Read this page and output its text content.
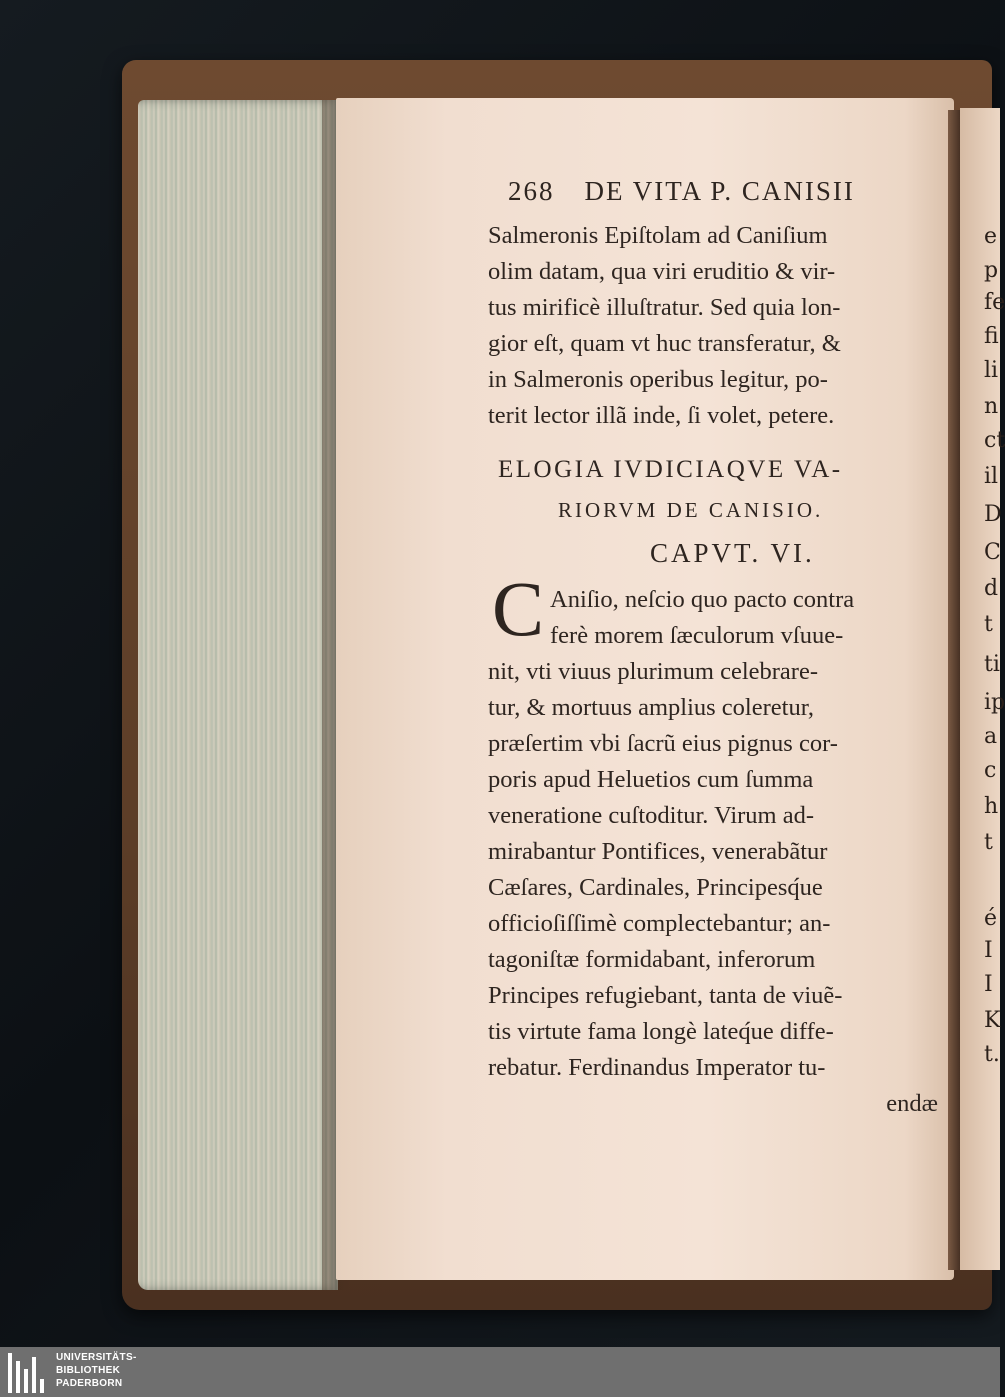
e
p
fe
fi
li
n
ct
il
D
C
d
t
ti
ip
a
c
h
t
é
I
I
K
t.
268 DE VITA P. CANISII
Salmeronis Epiſtolam ad Caniſium
olim datam, qua viri eruditio & vir-
tus mirificè illuſtratur. Sed quia lon-
gior eſt, quam vt huc transferatur, &
in Salmeronis operibus legitur, po-
terit lector illã inde, ſi volet, petere.
ELOGIA IVDICIAQVE VA-
RIORVM DE CANISIO.
CAPVT. VI.
C Aniſio, neſcio quo pacto contra
ferè morem ſæculorum vſuue-
nit, vti viuus plurimum celebrare-
tur, & mortuus amplius coleretur,
præſertim vbi ſacrũ eius pignus cor-
poris apud Heluetios cum ſumma
veneratione cuſtoditur. Virum ad-
mirabantur Pontifices, venerabãtur
Cæſares, Cardinales, Principesq́ue
officioſiſſimè complectebantur; an-
tagoniſtæ formidabant, inferorum
Principes refugiebant, tanta de viuẽ-
tis virtute fama longè lateq́ue diffe-
rebatur. Ferdinandus Imperator tu-
endæ
UNIVERSITÄTS-
BIBLIOTHEK
PADERBORN
